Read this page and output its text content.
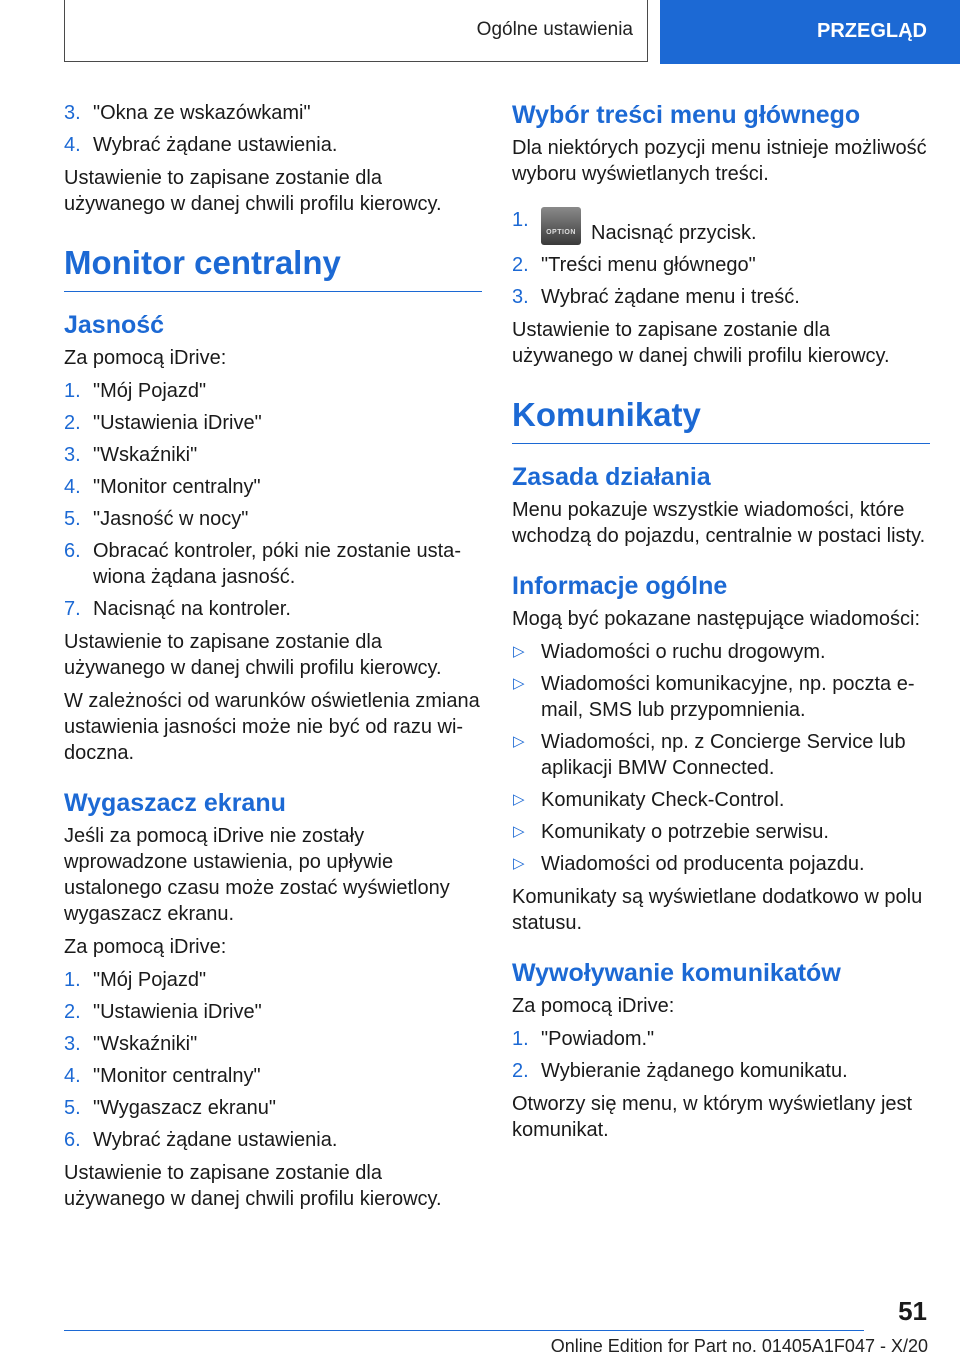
Ogólne ustawienia	PRZEGLĄD
3. "Okna ze wskazówkami"
4. Wybrać żądane ustawienia.

Ustawienie to zapisane zostanie dla używanego w danej chwili profilu kierowcy.

Monitor centralny
Jasność

Za pomocą iDrive:

1. "Mój Pojazd"
2. "Ustawienia iDrive"
3. "Wskaźniki"
4. "Monitor centralny"
5. "Jasność w nocy"
6. Obracać kontroler, póki nie zostanie ustawiona żądana jasność.
7. Nacisnąć na kontroler.

Ustawienie to zapisane zostanie dla używanego w danej chwili profilu kierowcy.

W zależności od warunków oświetlenia zmiana ustawienia jasności może nie być od razu widoczna.

Wygaszacz ekranu

Jeśli za pomocą iDrive nie zostały wprowadzone ustawienia, po upływie ustalonego czasu może zostać wyświetlony wygaszacz ekranu.

Za pomocą iDrive:

1. "Mój Pojazd"
2. "Ustawienia iDrive"
3. "Wskaźniki"
4. "Monitor centralny"
5. "Wygaszacz ekranu"
6. Wybrać żądane ustawienia.

Ustawienie to zapisane zostanie dla używanego w danej chwili profilu kierowcy.

Wybór treści menu głównego

Dla niektórych pozycji menu istnieje możliwość wyboru wyświetlanych treści.

1.
OPTION Nacisnąć przycisk.
2. "Treści menu głównego"
3. Wybrać żądane menu i treść.

Ustawienie to zapisane zostanie dla używanego w danej chwili profilu kierowcy.

Komunikaty
Zasada działania

Menu pokazuje wszystkie wiadomości, które wchodzą do pojazdu, centralnie w postaci listy.

Informacje ogólne

Mogą być pokazane następujące wiadomości:

▷ Wiadomości o ruchu drogowym.
▷ Wiadomości komunikacyjne, np. poczta e-mail, SMS lub przypomnienia.
▷ Wiadomości, np. z Concierge Service lub aplikacji BMW Connected.
▷ Komunikaty Check-Control.
▷ Komunikaty o potrzebie serwisu.
▷ Wiadomości od producenta pojazdu.

Komunikaty są wyświetlane dodatkowo w polu statusu.

Wywoływanie komunikatów

Za pomocą iDrive:

1. "Powiadom."
2. Wybieranie żądanego komunikatu.

Otworzy się menu, w którym wyświetlany jest komunikat.

51
Online Edition for Part no. 01405A1F047 - X/20
